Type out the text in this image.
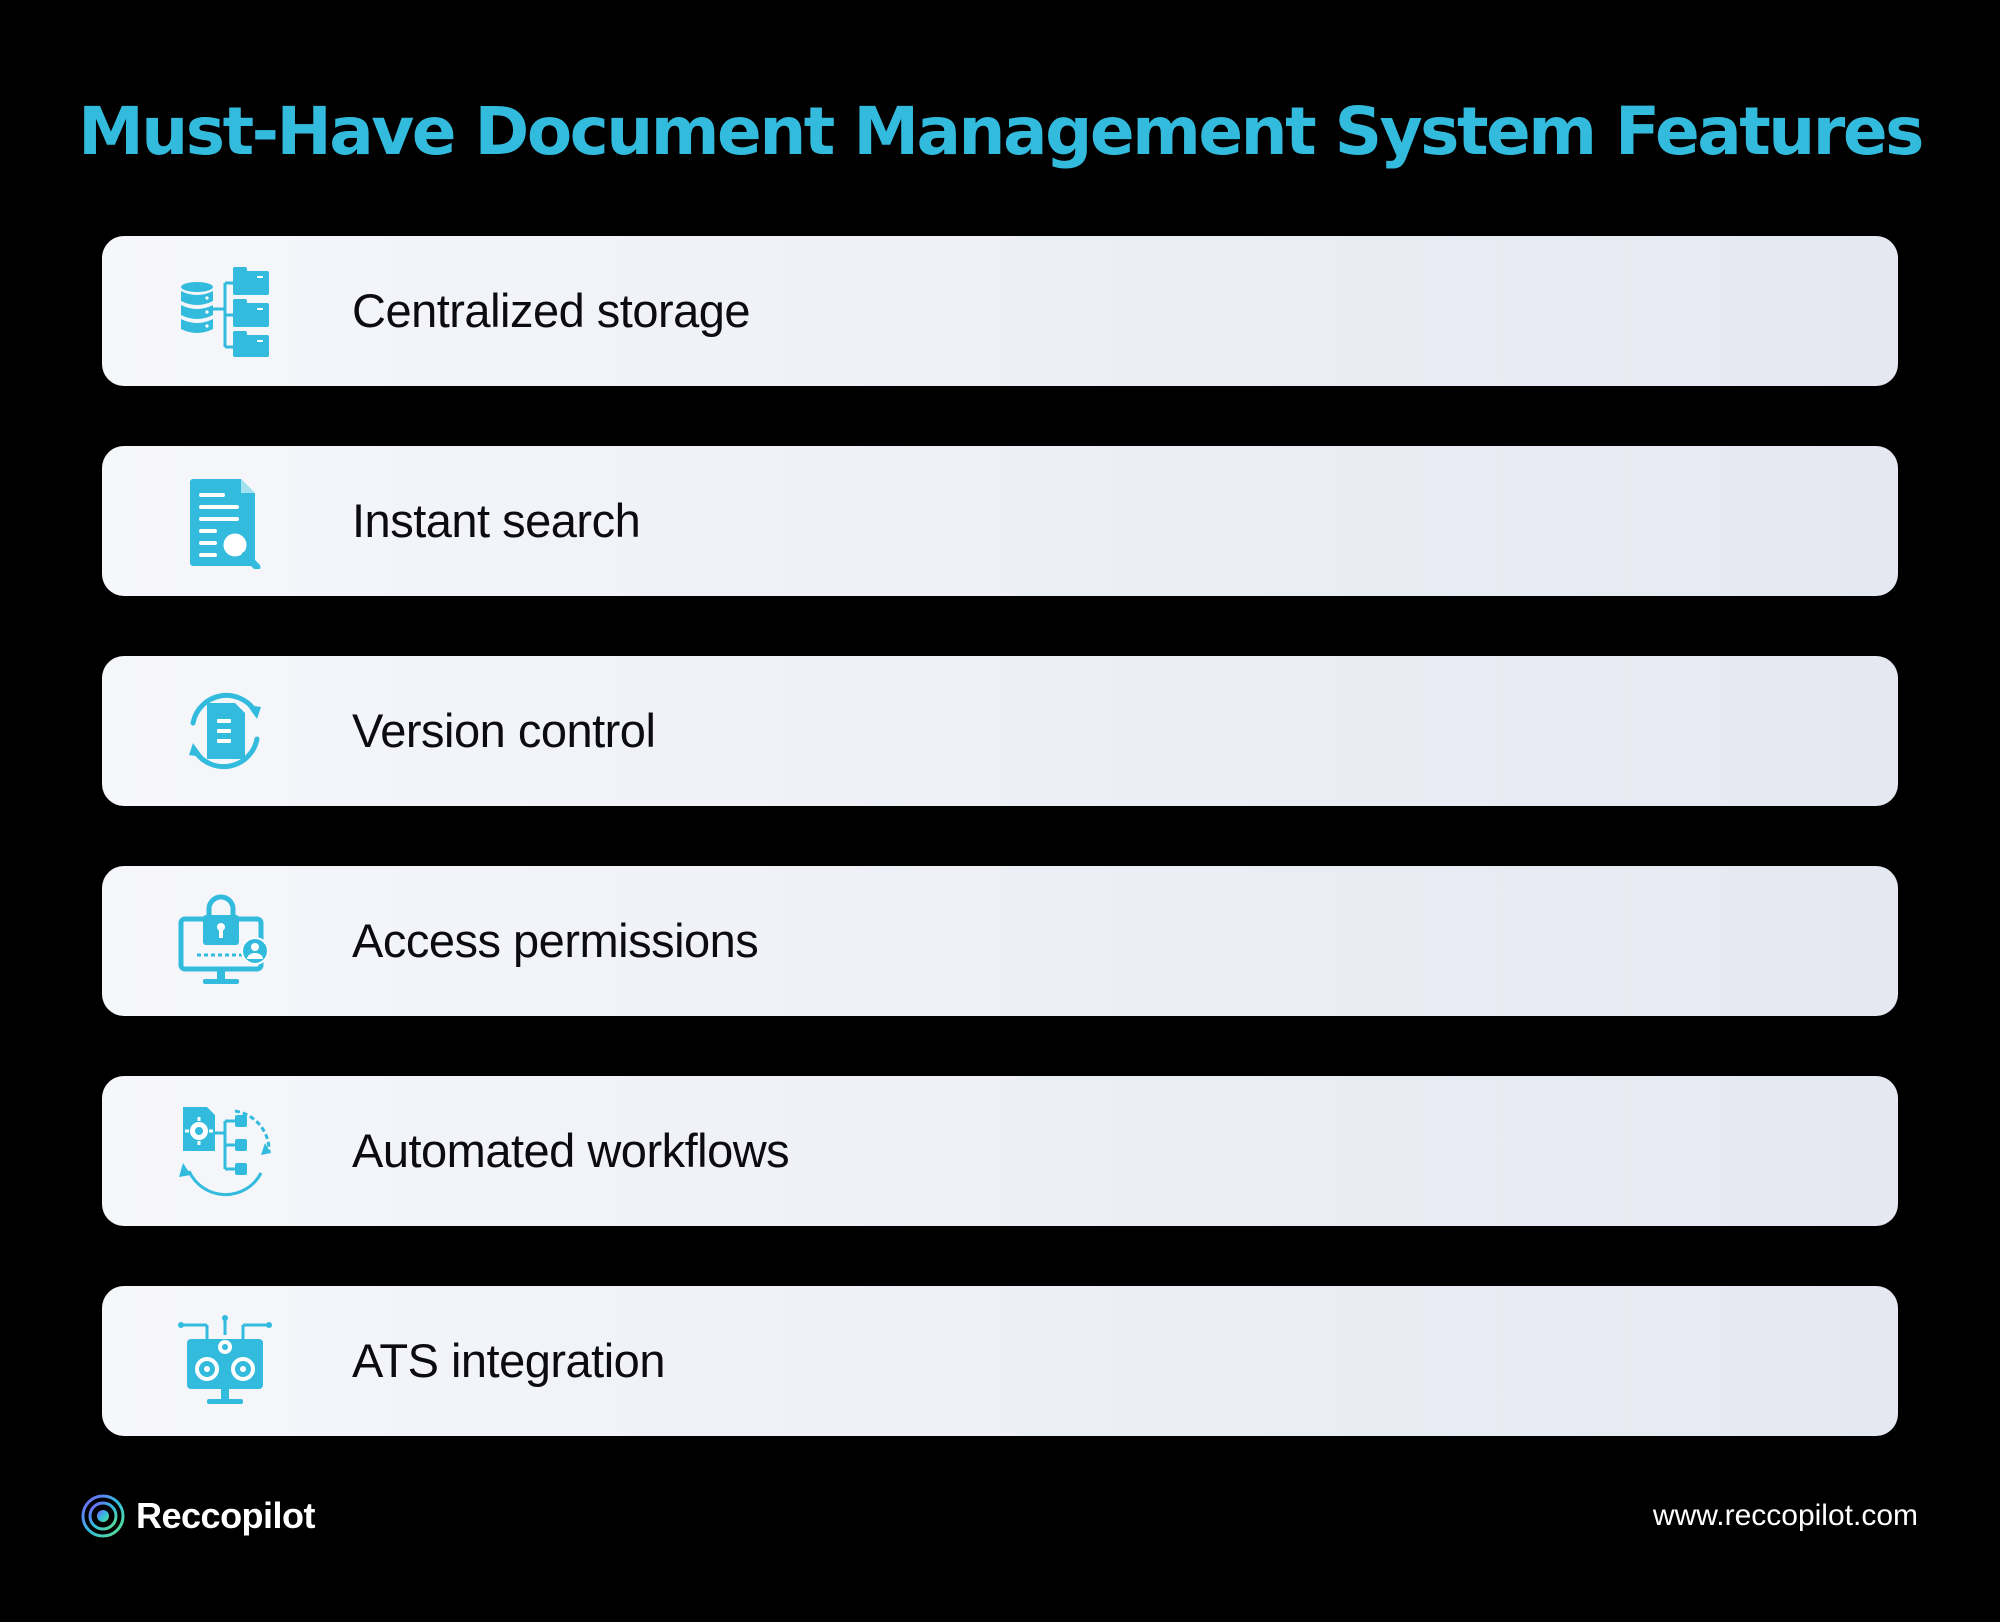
Must-Have Document Management System Features
Centralized storage
Instant search
Version control
Access permissions
Automated workflows
ATS integration
Reccopilot	www.reccopilot.com
